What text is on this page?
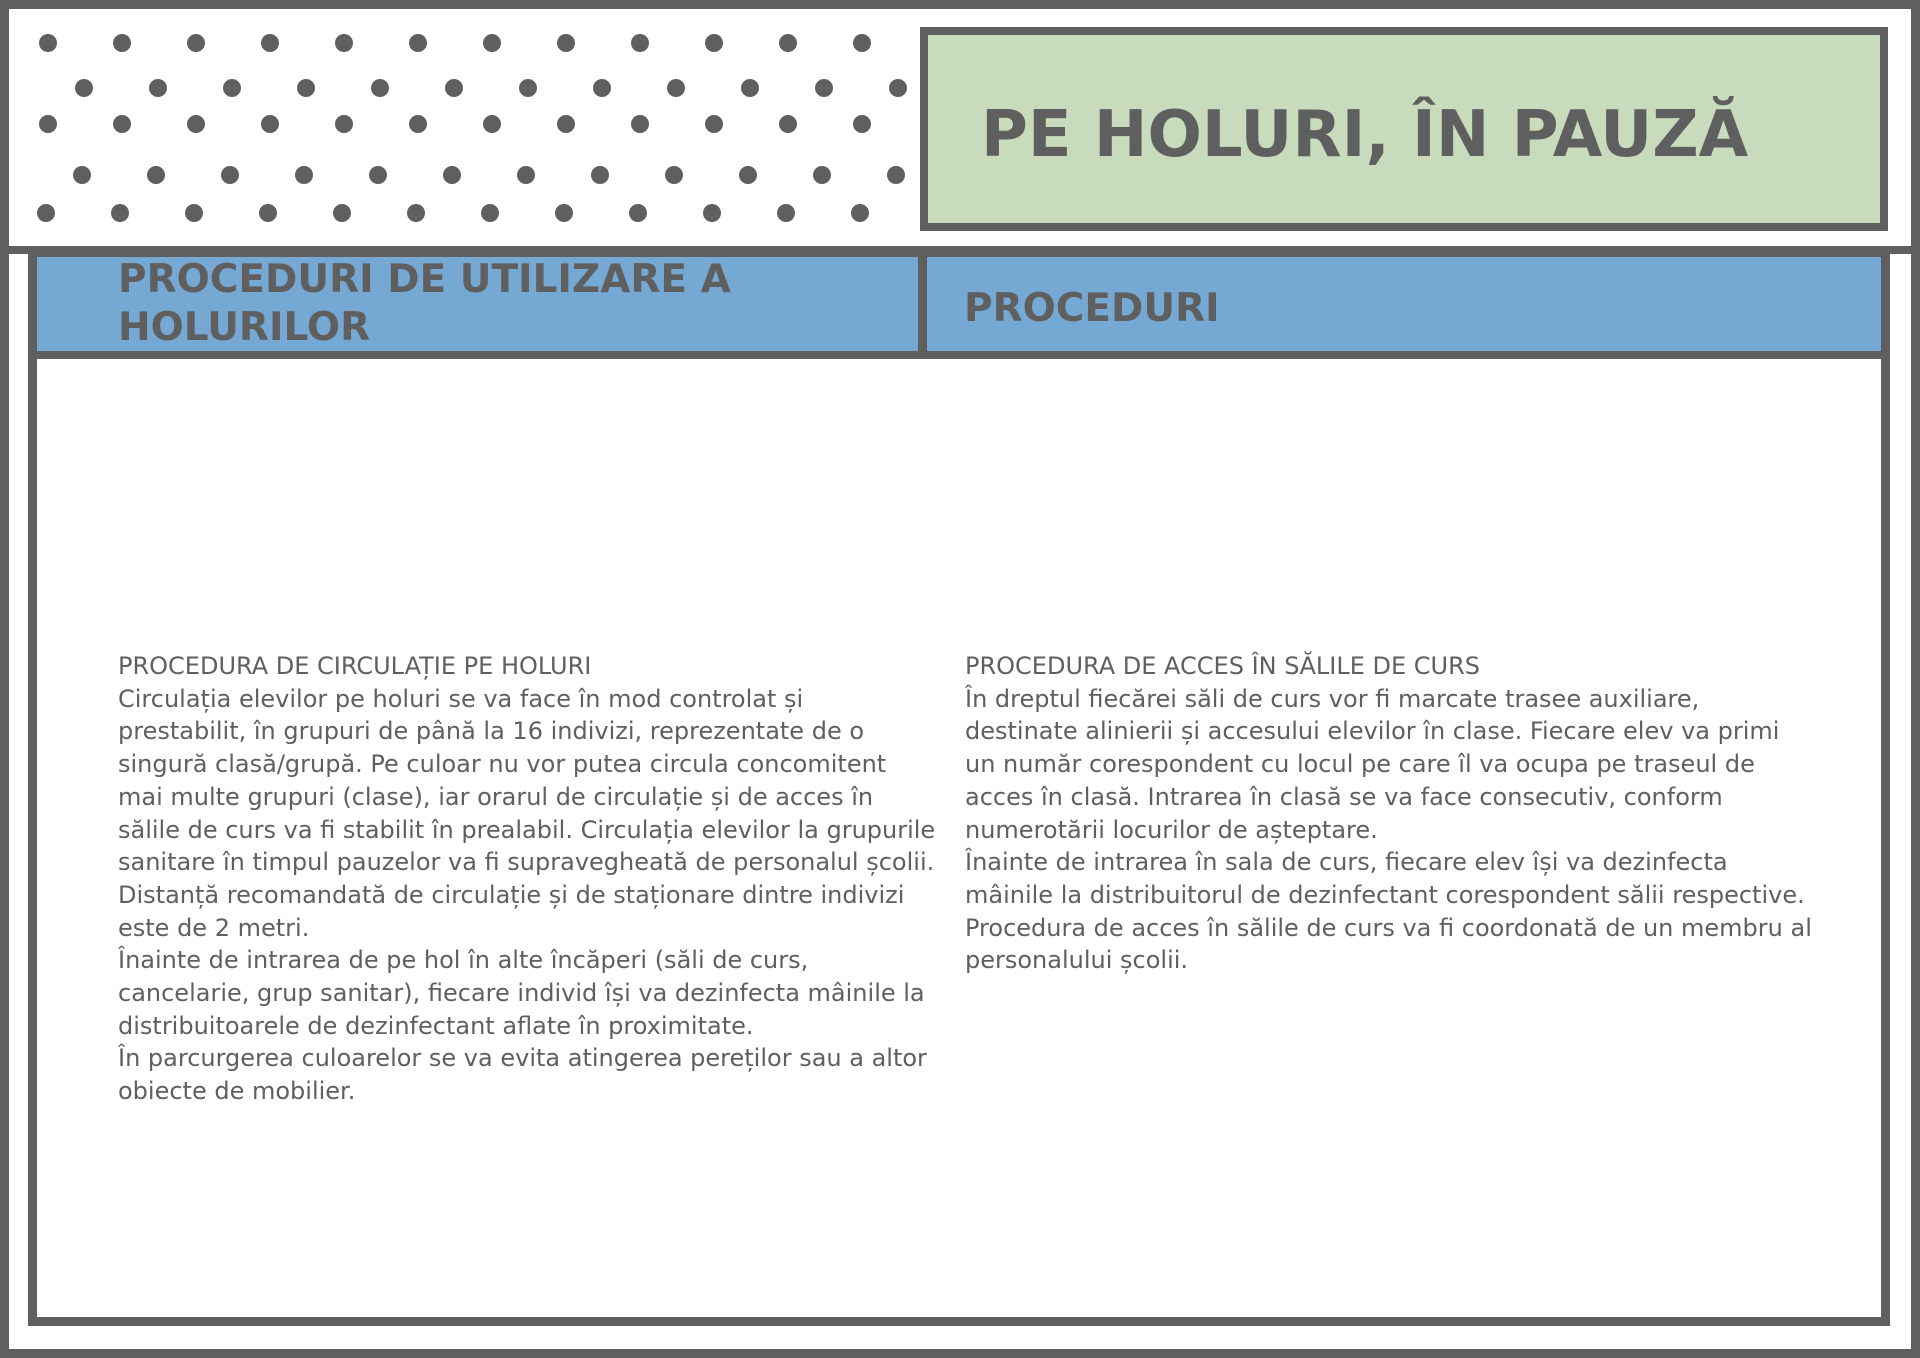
PE HOLURI, ÎN PAUZĂ
PROCEDURI DE UTILIZARE A HOLURILOR	PROCEDURI

PROCEDURA DE CIRCULAȚIE PE HOLURI

Circulația elevilor pe holuri se va face în mod controlat și prestabilit, în grupuri de până la 16 indivizi, reprezentate de o singură clasă/grupă. Pe culoar nu vor putea circula concomitent mai multe grupuri (clase), iar orarul de circulație și de acces în sălile de curs va fi stabilit în prealabil. Circulația elevilor la grupurile sanitare în timpul pauzelor va fi supravegheată de personalul școlii.

Distanță recomandată de circulație și de staționare dintre indivizi este de 2 metri.

Înainte de intrarea de pe hol în alte încăperi (săli de curs, cancelarie, grup sanitar), fiecare individ își va dezinfecta mâinile la distribuitoarele de dezinfectant aflate în proximitate.

În parcurgerea culoarelor se va evita atingerea pereților sau a altor obiecte de mobilier.

PROCEDURA DE ACCES ÎN SĂLILE DE CURS

În dreptul fiecărei săli de curs vor fi marcate trasee auxiliare, destinate alinierii și accesului elevilor în clase. Fiecare elev va primi un număr corespondent cu locul pe care îl va ocupa pe traseul de acces în clasă. Intrarea în clasă se va face consecutiv, conform numerotării locurilor de așteptare.

Înainte de intrarea în sala de curs, fiecare elev își va dezinfecta mâinile la distribuitorul de dezinfectant corespondent sălii respective.

Procedura de acces în sălile de curs va fi coordonată de un membru al personalului școlii.
